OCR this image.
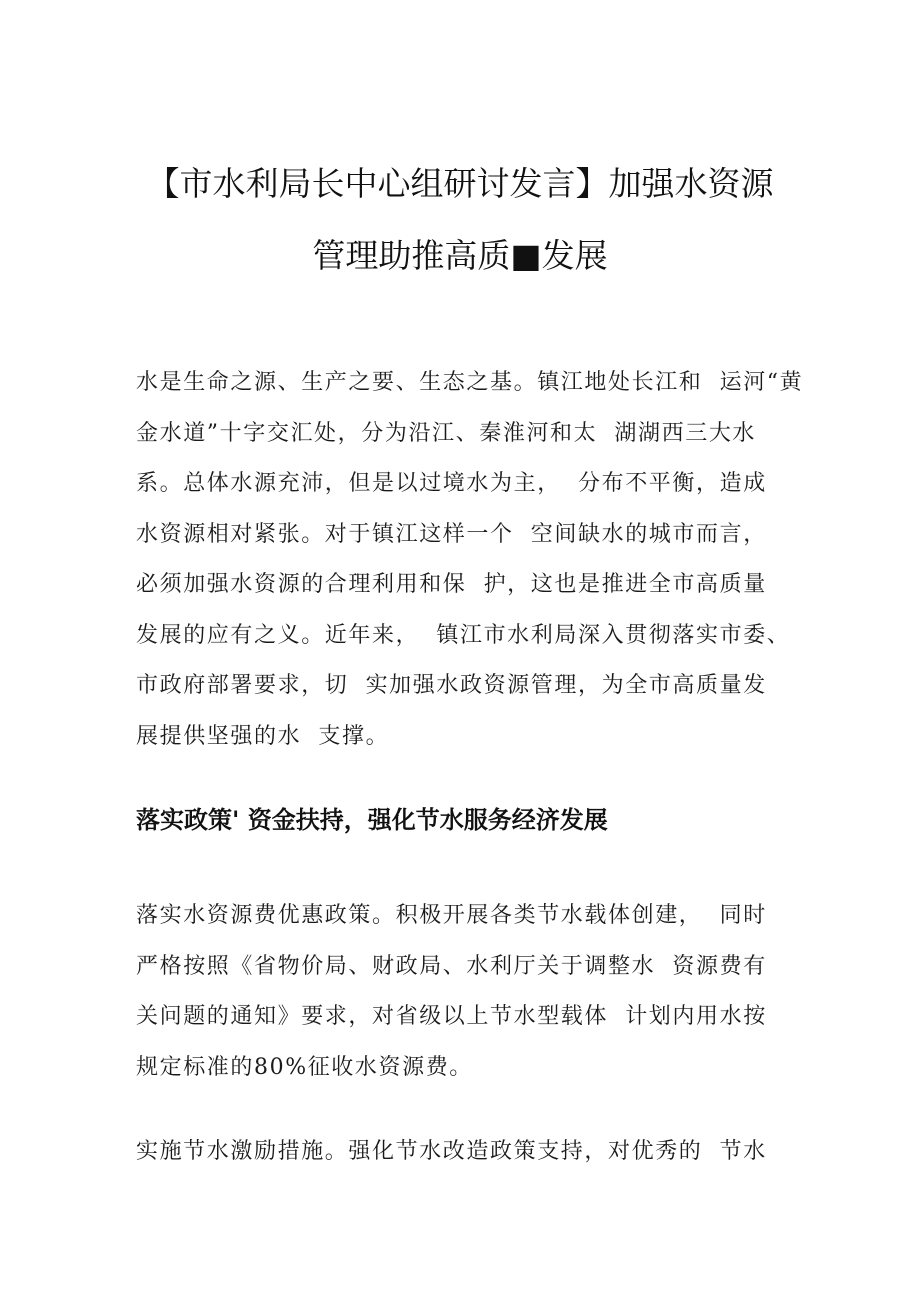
【市水利局长中心组研讨发言】加强水资源
管理助推高质■发展
水是生命之源、生产之要、生态之基。镇江地处长江和  运河“黄
金水道”十字交汇处，分为沿江、秦淮河和太  湖湖西三大水
系。总体水源充沛，但是以过境水为主，  分布不平衡，造成
水资源相对紧张。对于镇江这样一个  空间缺水的城市而言，
必须加强水资源的合理利用和保  护，这也是推进全市高质量
发展的应有之义。近年来，  镇江市水利局深入贯彻落实市委、
市政府部署要求，切  实加强水政资源管理，为全市高质量发
展提供坚强的水  支撑。
落实政策' 资金扶持，强化节水服务经济发展
落实水资源费优惠政策。积极开展各类节水载体创建，  同时
严格按照《省物价局、财政局、水利厅关于调整水  资源费有
关问题的通知》要求，对省级以上节水型载体  计划内用水按
规定标准的80%征收水资源费。
实施节水激励措施。强化节水改造政策支持，对优秀的  节水
